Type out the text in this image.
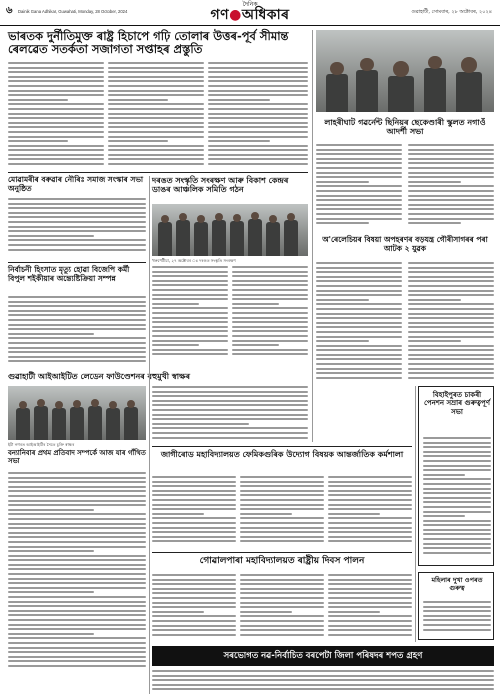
৬ Dainik Gana Adhikar, Guwahati, Monday, 28 October, 2024
দৈনিক
গণ●অধিকাৰ	গুৱাহাটী, সোমবাৰ, ২৮ অক্টোবৰ, ২০২৪
ভাৰতক দুৰ্নীতিমুক্ত ৰাষ্ট্ৰ হিচাপে গঢ়ি তোলাৰ উত্তৰ-পূৰ্ব সীমান্ত ৰেলৱেত সতৰ্কতা সজাগতা সপ্তাহৰ প্ৰস্তুতি
লাহৰীঘাট গৱৰ্নেন্ট ছিনিয়ৰ ছেকেণ্ডাৰী স্কুলত নগাওঁ আদৰ্শী সভা
মোৱামৰীৰ বৰুৱাৰ নৌৰিঃ সমাজ সংস্কাৰ সভা অনুষ্ঠিত
দৰঙত সংস্কৃতি সংৰক্ষণ আৰু বিকাশ কেন্দ্ৰৰ ডাঙৰ আঞ্চলিক সমিতি গঠন
খৰুপেটীয়া, ২৭ অক্টোবৰ ঃ দৰঙত সংস্কৃতি সংৰক্ষণ
অ'ৰেলেচিয়ৰ বিষয়া অপহৰণৰ বড়যন্ত্ৰ গৌৰীসাগৰৰ পৰা আটক ২ যুৱক
নিৰ্বাচনী হিংসাত মৃত্যু হোৱা বিজেপি কৰ্মী বিপুল শইকীয়াৰ অন্ত্যেষ্টিক্ৰিয়া সম্পন্ন
গুৱাহাটী আইআইটিত লেডেন ফাউণ্ডেশনৰ বহুমুখী স্বাক্ষৰ
ইটা নগৰত আইআইটিৰ সৈতে চুক্তি স্বাক্ষৰ
জাগীৰোড মহাবিদ্যালয়ত ফেমিকগুৰিক উদ্যোগ বিষয়ক আন্তৰ্জাতিক কৰ্মশালা
বিহাইপুৰত চাকৰী পেনশন সম্ৰাৰ গুৰুত্বপূৰ্ণ সভা
বন্যানিবাৰ প্ৰথম প্ৰতিবাদ সম্পৰ্কে আজ যাৰ গাঁথিত সভা
গোৱালপাৰা মহাবিদ্যালয়ত ৰাষ্ট্ৰীয় দিবস পালন
মহিলাৰ দুখা ওপৰত গুৰুত্ব
সৰভোগত নৱ-নিৰ্বাচিত বৰপেটা জিলা পৰিষদৰ শপত গ্ৰহণ
